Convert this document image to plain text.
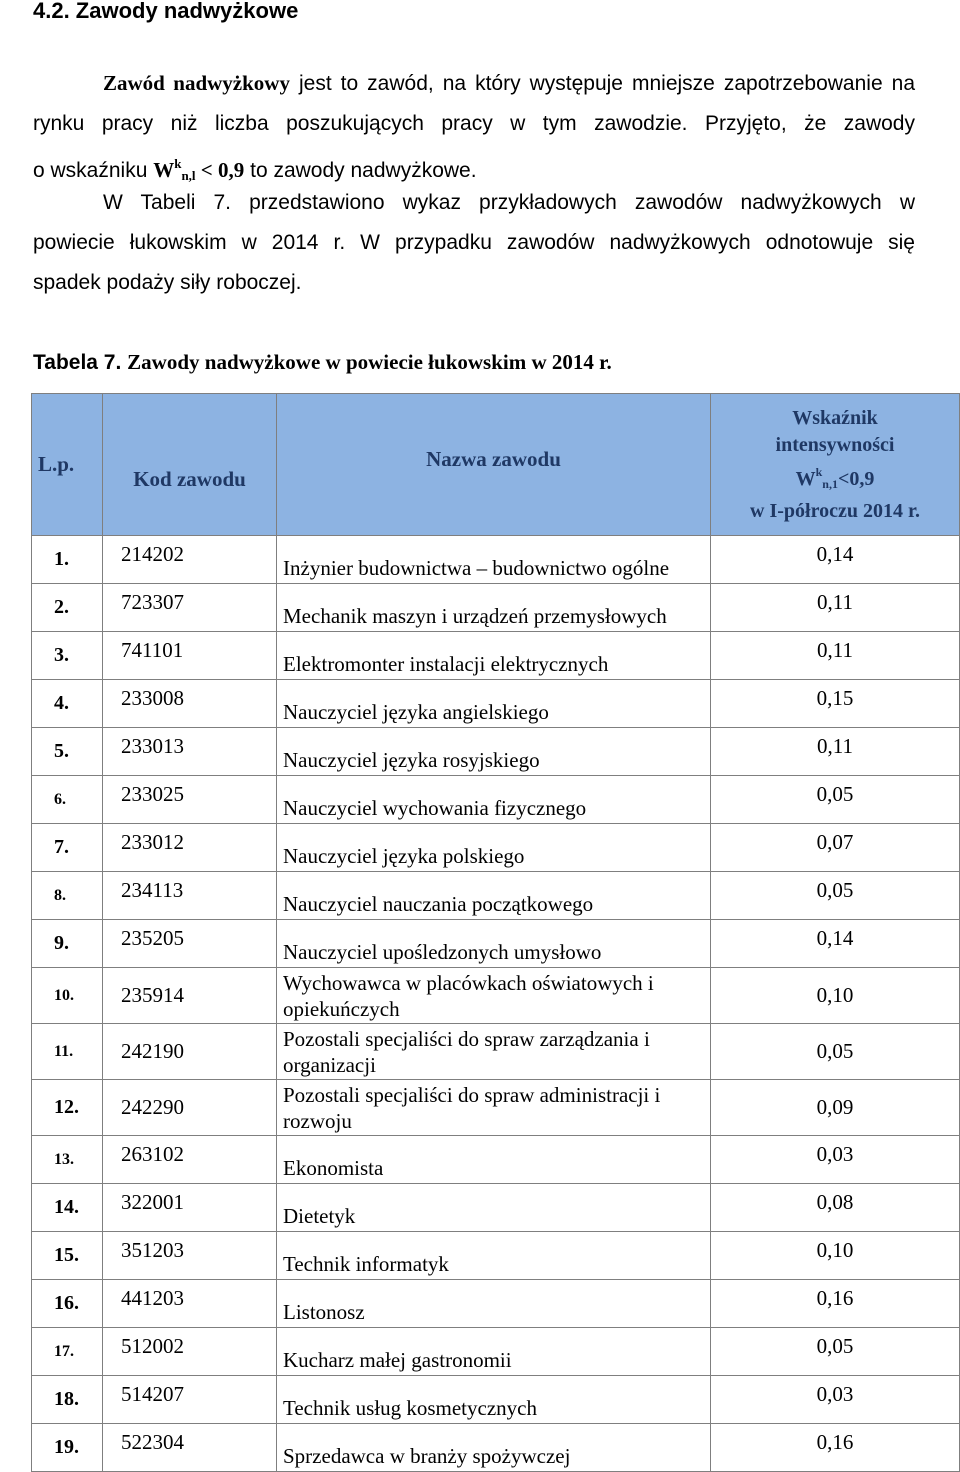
4.2. Zawody nadwyżkowe

Zawód nadwyżkowy jest to zawód, na który występuje mniejsze zapotrzebowanie na

rynku pracy niż liczba poszukujących pracy w tym zawodzie. Przyjęto, że zawody

o wskaźniku $W^k_{n,l} < 0,9$ to zawody nadwyżkowe.

W Tabeli 7. przedstawiono wykaz przykładowych zawodów nadwyżkowych w

powiecie łukowskim w 2014 r. W przypadku zawodów nadwyżkowych odnotowuje się

spadek podaży siły roboczej.

Tabela 7. Zawody nadwyżkowe w powiecie łukowskim w 2014 r.
L.p.	Kod zawodu	Nazwa zawodu	Wskaźnik
intensywności
$W^k_{n,1}<0,9$
w I-półroczu 2014 r.

1.	214202	Inżynier budownictwa – budownictwo ogólne	0,14
2.	723307	Mechanik maszyn i urządzeń przemysłowych	0,11
3.	741101	Elektromonter instalacji elektrycznych	0,11
4.	233008	Nauczyciel języka angielskiego	0,15
5.	233013	Nauczyciel języka rosyjskiego	0,11
6.	233025	Nauczyciel wychowania fizycznego	0,05
7.	233012	Nauczyciel języka polskiego	0,07
8.	234113	Nauczyciel nauczania początkowego	0,05
9.	235205	Nauczyciel upośledzonych umysłowo	0,14
10.	235914	Wychowawca w placówkach oświatowych i opiekuńczych	0,10
11.	242190	Pozostali specjaliści do spraw zarządzania i organizacji	0,05
12.	242290	Pozostali specjaliści do spraw administracji i rozwoju	0,09
13.	263102	Ekonomista	0,03
14.	322001	Dietetyk	0,08
15.	351203	Technik informatyk	0,10
16.	441203	Listonosz	0,16
17.	512002	Kucharz małej gastronomii	0,05
18.	514207	Technik usług kosmetycznych	0,03
19.	522304	Sprzedawca w branży spożywczej	0,16
